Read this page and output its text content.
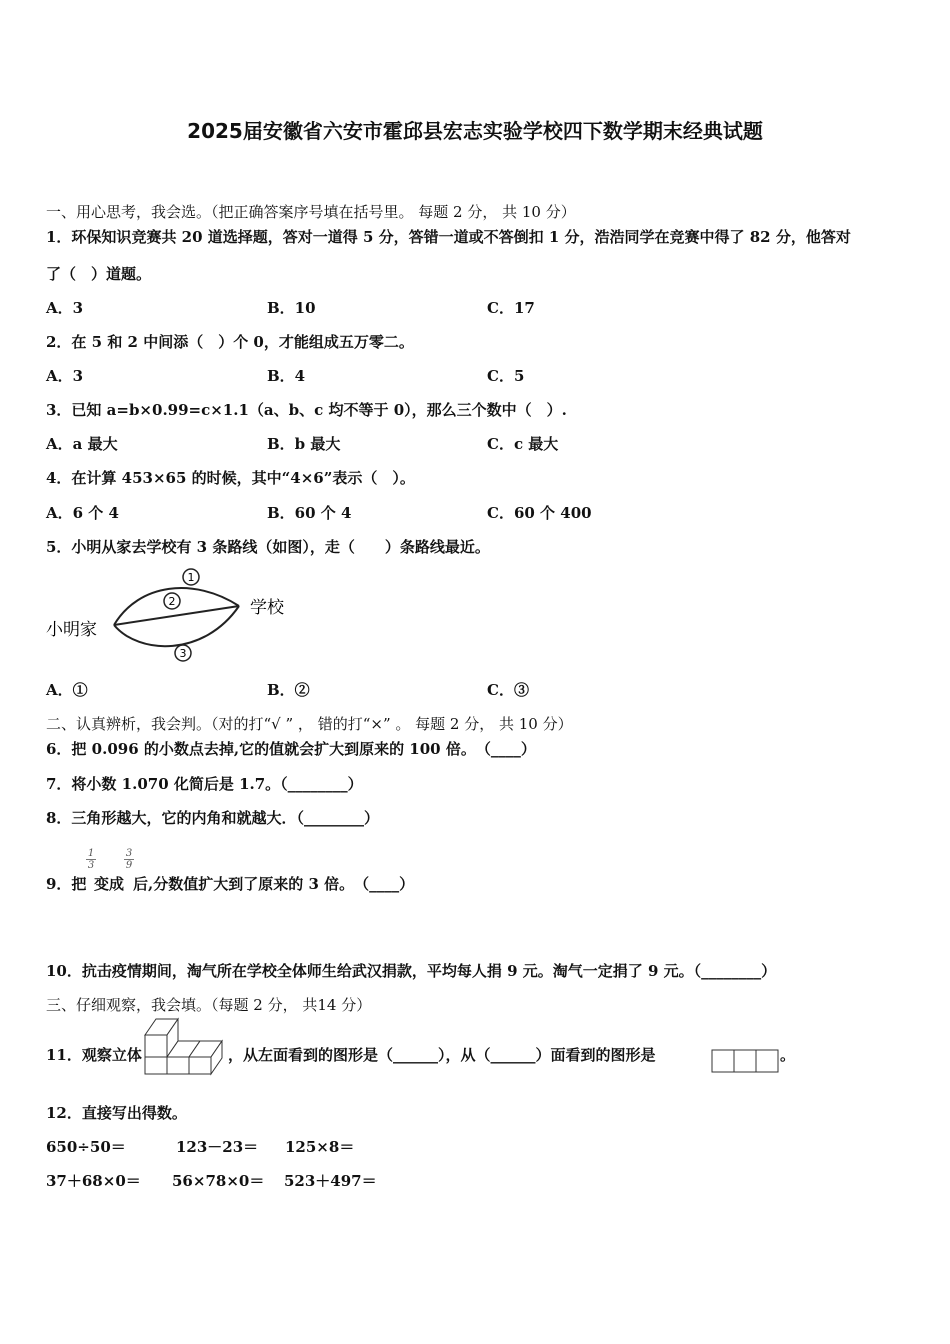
2025届安徽省六安市霍邱县宏志实验学校四下数学期末经典试题
一、用心思考，我会选。（把正确答案序号填在括号里。 每题 2 分， 共 10 分）
1．环保知识竞赛共 20 道选择题，答对一道得 5 分，答错一道或不答倒扣 1 分，浩浩同学在竞赛中得了 82 分，他答对
了（　）道题。
A．3	B．10	C．17
2．在 5 和 2 中间添（　）个 0，才能组成五万零二。
A．3	B．4	C．5
3．已知 a=b×0.99=c×1.1（a、b、c 均不等于 0），那么三个数中（　）.
A．a 最大	B．b 最大	C．c 最大
4．在计算 453×65 的时候，其中“4×6”表示（　）。
A．6 个 4	B．60 个 4	C．60 个 400
5．小明从家去学校有 3 条路线（如图），走（　　）条路线最近。
1
2
3
小明家
学校
A．①	B．②	C．③
二、认真辨析，我会判。（对的打“√ ” ， 错的打“×” 。 每题 2 分， 共 10 分）
6．把 0.096 的小数点去掉,它的值就会扩大到原来的 100 倍。　（____）
7．将小数 1.070 化简后是 1.7。（________）
8．三角形越大，它的内角和就越大．（________）
9．把
$\frac{1}{3}$
变成
$\frac{3}{9}$
后,分数值扩大到了原来的 3 倍。　（____）
10．抗击疫情期间，淘气所在学校全体师生给武汉捐款，平均每人捐 9 元。淘气一定捐了 9 元。（________）
三、仔细观察，我会填。（每题 2 分， 共14 分）
11．观察立体	，从左面看到的图形是（______），从（______）面看到的图形是	。
12．直接写出得数。
650÷50＝	123－23＝ 125×8＝
37＋68×0＝ 56×78×0＝ 523＋497＝
